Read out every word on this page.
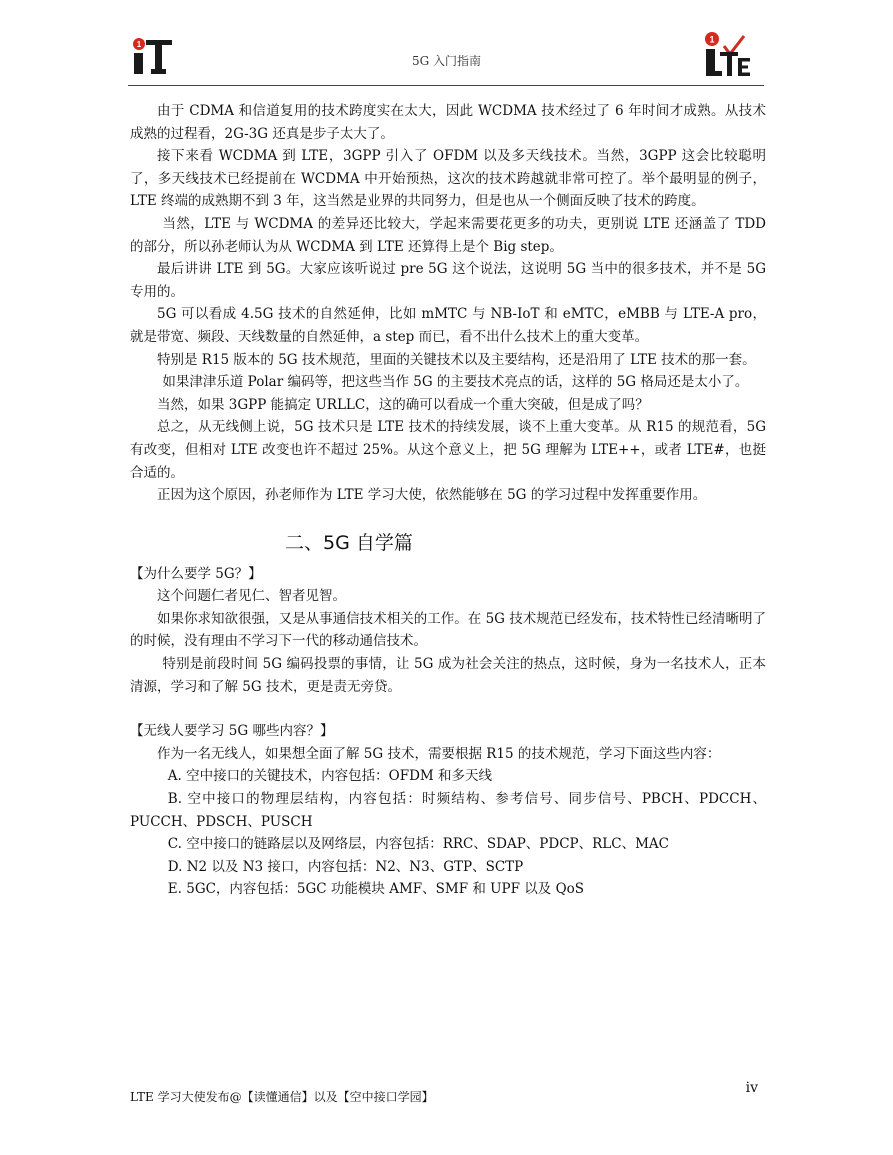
1
5G 入门指南
1

由于 CDMA 和信道复用的技术跨度实在太大，因此 WCDMA 技术经过了 6 年时间才成熟。从技术成熟的过程看，2G-3G 还真是步子太大了。

接下来看 WCDMA 到 LTE，3GPP 引入了 OFDM 以及多天线技术。当然，3GPP 这会比较聪明了，多天线技术已经提前在 WCDMA 中开始预热，这次的技术跨越就非常可控了。举个最明显的例子，LTE 终端的成熟期不到 3 年，这当然是业界的共同努力，但是也从一个侧面反映了技术的跨度。

当然，LTE 与 WCDMA 的差异还比较大，学起来需要花更多的功夫，更别说 LTE 还涵盖了 TDD 的部分，所以孙老师认为从 WCDMA 到 LTE 还算得上是个 Big step。

最后讲讲 LTE 到 5G。大家应该听说过 pre 5G 这个说法，这说明 5G 当中的很多技术，并不是 5G 专用的。

5G 可以看成 4.5G 技术的自然延伸，比如 mMTC 与 NB-IoT 和 eMTC，eMBB 与 LTE-A pro，就是带宽、频段、天线数量的自然延伸，a step 而已，看不出什么技术上的重大变革。

特别是 R15 版本的 5G 技术规范，里面的关键技术以及主要结构，还是沿用了 LTE 技术的那一套。

如果津津乐道 Polar 编码等，把这些当作 5G 的主要技术亮点的话，这样的 5G 格局还是太小了。

当然，如果 3GPP 能搞定 URLLC，这的确可以看成一个重大突破，但是成了吗？

总之，从无线侧上说，5G 技术只是 LTE 技术的持续发展，谈不上重大变革。从 R15 的规范看，5G 有改变，但相对 LTE 改变也许不超过 25%。从这个意义上，把 5G 理解为 LTE++，或者 LTE#，也挺合适的。

正因为这个原因，孙老师作为 LTE 学习大使，依然能够在 5G 的学习过程中发挥重要作用。

二、5G 自学篇

【为什么要学 5G？】

这个问题仁者见仁、智者见智。

如果你求知欲很强，又是从事通信技术相关的工作。在 5G 技术规范已经发布，技术特性已经清晰明了的时候，没有理由不学习下一代的移动通信技术。

特别是前段时间 5G 编码投票的事情，让 5G 成为社会关注的热点，这时候，身为一名技术人，正本清源，学习和了解 5G 技术，更是责无旁贷。

【无线人要学习 5G 哪些内容？】

作为一名无线人，如果想全面了解 5G 技术，需要根据 R15 的技术规范，学习下面这些内容：

A. 空中接口的关键技术，内容包括：OFDM 和多天线

B. 空中接口的物理层结构，内容包括：时频结构、参考信号、同步信号、PBCH、PDCCH、PUCCH、PDSCH、PUSCH

C. 空中接口的链路层以及网络层，内容包括：RRC、SDAP、PDCP、RLC、MAC

D. N2 以及 N3 接口，内容包括：N2、N3、GTP、SCTP

E. 5GC，内容包括：5GC 功能模块 AMF、SMF 和 UPF 以及 QoS

LTE 学习大使发布@【读懂通信】以及【空中接口学园】
iv
